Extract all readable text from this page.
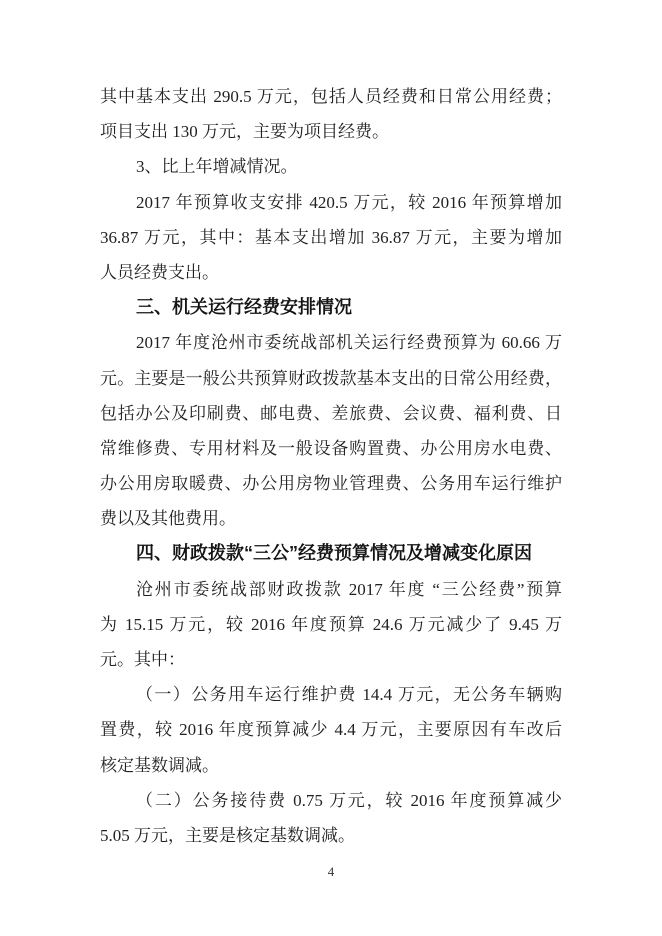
其中基本支出 290.5 万元，包括人员经费和日常公用经费；
项目支出 130 万元，主要为项目经费。
3、比上年增减情况。
2017 年预算收支安排 420.5 万元，较 2016 年预算增加
36.87 万元，其中：基本支出增加 36.87 万元，主要为增加
人员经费支出。
三、机关运行经费安排情况
2017 年度沧州市委统战部机关运行经费预算为 60.66 万
元。主要是一般公共预算财政拨款基本支出的日常公用经费，
包括办公及印刷费、邮电费、差旅费、会议费、福利费、日
常维修费、专用材料及一般设备购置费、办公用房水电费、
办公用房取暖费、办公用房物业管理费、公务用车运行维护
费以及其他费用。
四、财政拨款“三公”经费预算情况及增减变化原因
沧州市委统战部财政拨款 2017 年度 “三公经费”预算
为 15.15 万元，较 2016 年度预算 24.6 万元减少了 9.45 万
元。其中：
（一）公务用车运行维护费 14.4 万元，无公务车辆购
置费，较 2016 年度预算减少 4.4 万元，主要原因有车改后
核定基数调减。
（二）公务接待费 0.75 万元，较 2016 年度预算减少
5.05 万元，主要是核定基数调减。
4
